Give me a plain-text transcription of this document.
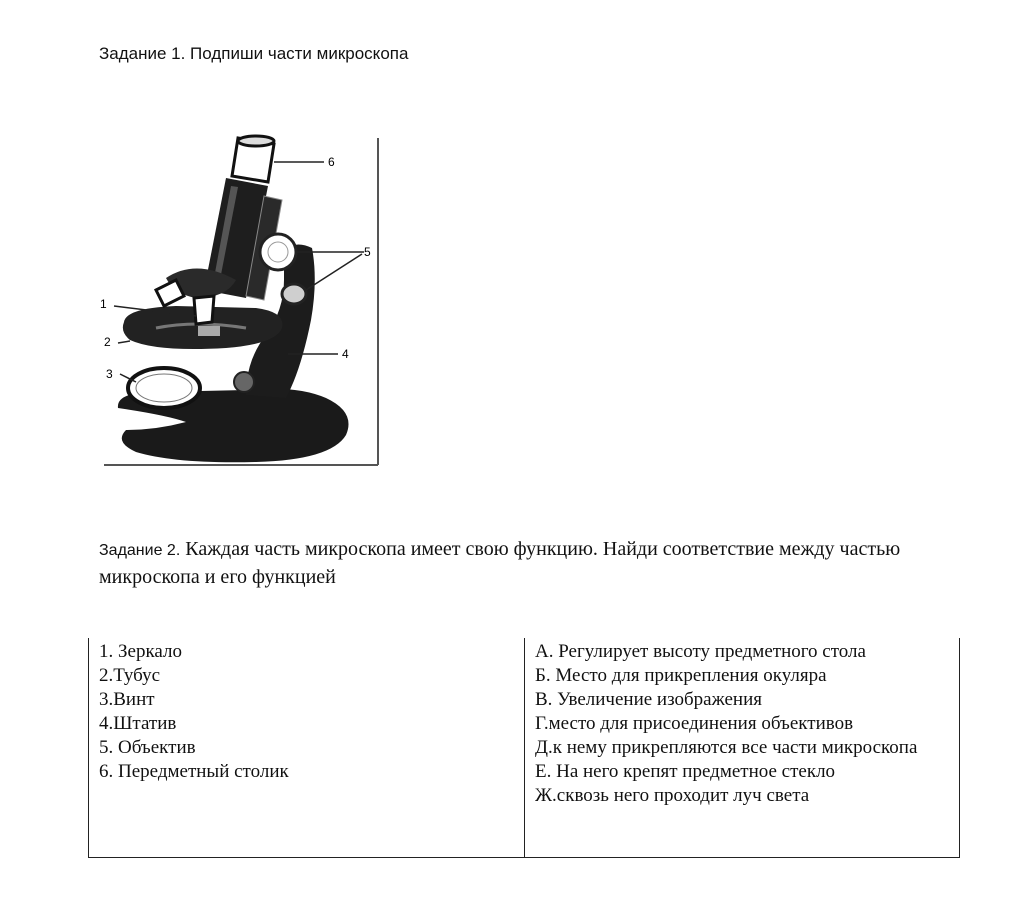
Задание 1. Подпиши части микроскопа
6
5
4
1
2
3
Задание 2. Каждая часть микроскопа имеет свою функцию. Найди соответствие между частью микроскопа и его функцией
1. Зеркало
2.Тубус
3.Винт
4.Штатив
5. Объектив
6. Передметный столик

А. Регулирует высоту предметного стола
Б. Место для прикрепления окуляра
В. Увеличение изображения
Г.место для присоединения объективов
Д.к нему прикрепляются все части микроскопа
Е. На него крепят предметное стекло
Ж.сквозь него проходит луч света
